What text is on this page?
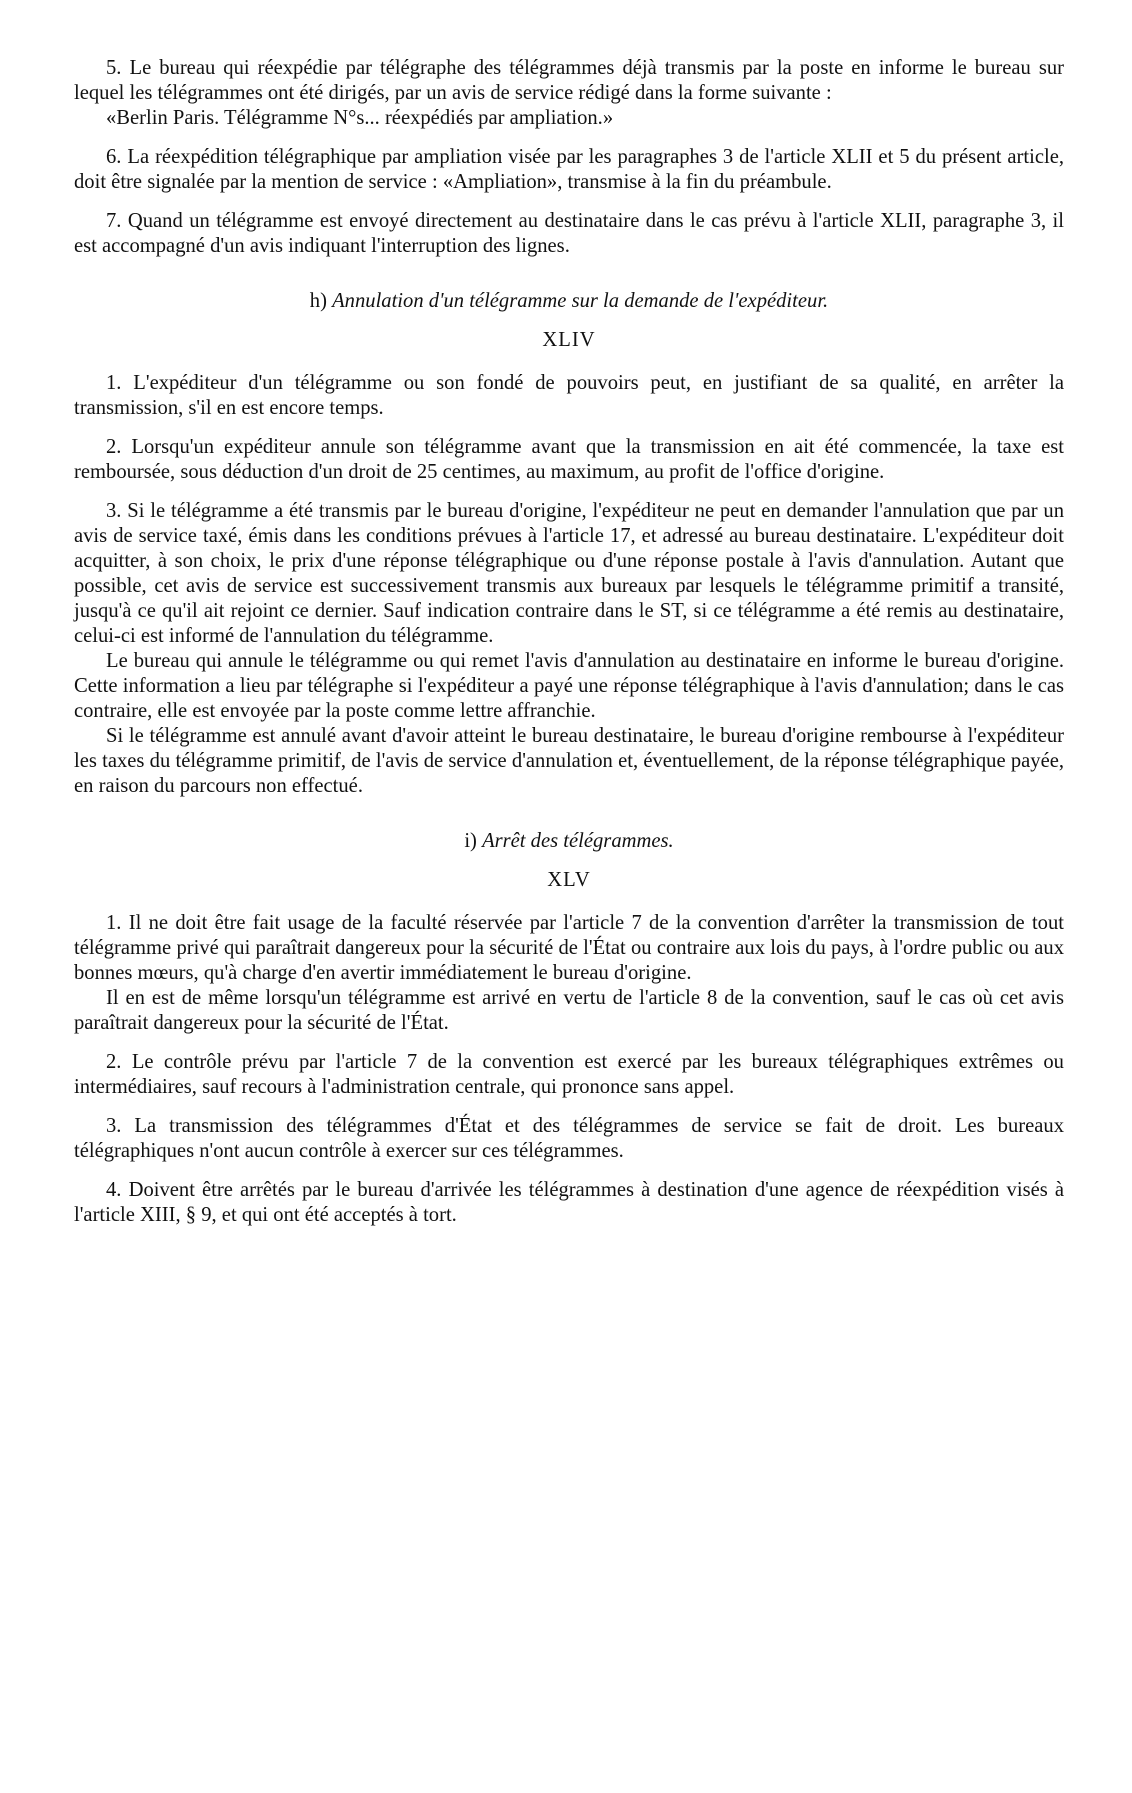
5. Le bureau qui réexpédie par télégraphe des télégrammes déjà transmis par la poste en informe le bureau sur lequel les télégrammes ont été dirigés, par un avis de service rédigé dans la forme suivante :

«Berlin Paris. Télégramme N°s... réexpédiés par ampliation.»

6. La réexpédition télégraphique par ampliation visée par les paragraphes 3 de l'article XLII et 5 du présent article, doit être signalée par la mention de service : «Ampliation», transmise à la fin du préambule.

7. Quand un télégramme est envoyé directement au destinataire dans le cas prévu à l'article XLII, paragraphe 3, il est accompagné d'un avis indiquant l'interruption des lignes.

h) Annulation d'un télégramme sur la demande de l'expéditeur.

XLIV

1. L'expéditeur d'un télégramme ou son fondé de pouvoirs peut, en justifiant de sa qualité, en arrêter la transmission, s'il en est encore temps.

2. Lorsqu'un expéditeur annule son télégramme avant que la transmission en ait été commencée, la taxe est remboursée, sous déduction d'un droit de 25 centimes, au maximum, au profit de l'office d'origine.

3. Si le télégramme a été transmis par le bureau d'origine, l'expéditeur ne peut en demander l'annulation que par un avis de service taxé, émis dans les conditions prévues à l'article 17, et adressé au bureau destinataire. L'expéditeur doit acquitter, à son choix, le prix d'une réponse télégraphique ou d'une réponse postale à l'avis d'annulation. Autant que possible, cet avis de service est successivement transmis aux bureaux par lesquels le télégramme primitif a transité, jusqu'à ce qu'il ait rejoint ce dernier. Sauf indication contraire dans le ST, si ce télégramme a été remis au destinataire, celui-ci est informé de l'annulation du télégramme.

Le bureau qui annule le télégramme ou qui remet l'avis d'annulation au destinataire en informe le bureau d'origine. Cette information a lieu par télégraphe si l'expéditeur a payé une réponse télégraphique à l'avis d'annulation; dans le cas contraire, elle est envoyée par la poste comme lettre affranchie.

Si le télégramme est annulé avant d'avoir atteint le bureau destinataire, le bureau d'origine rembourse à l'expéditeur les taxes du télégramme primitif, de l'avis de service d'annulation et, éventuellement, de la réponse télégraphique payée, en raison du parcours non effectué.

i) Arrêt des télégrammes.

XLV

1. Il ne doit être fait usage de la faculté réservée par l'article 7 de la convention d'arrêter la transmission de tout télégramme privé qui paraîtrait dangereux pour la sécurité de l'État ou contraire aux lois du pays, à l'ordre public ou aux bonnes mœurs, qu'à charge d'en avertir immédiatement le bureau d'origine.

Il en est de même lorsqu'un télégramme est arrivé en vertu de l'article 8 de la convention, sauf le cas où cet avis paraîtrait dangereux pour la sécurité de l'État.

2. Le contrôle prévu par l'article 7 de la convention est exercé par les bureaux télégraphiques extrêmes ou intermédiaires, sauf recours à l'administration centrale, qui prononce sans appel.

3. La transmission des télégrammes d'État et des télégrammes de service se fait de droit. Les bureaux télégraphiques n'ont aucun contrôle à exercer sur ces télégrammes.

4. Doivent être arrêtés par le bureau d'arrivée les télégrammes à destination d'une agence de réexpédition visés à l'article XIII, § 9, et qui ont été acceptés à tort.
